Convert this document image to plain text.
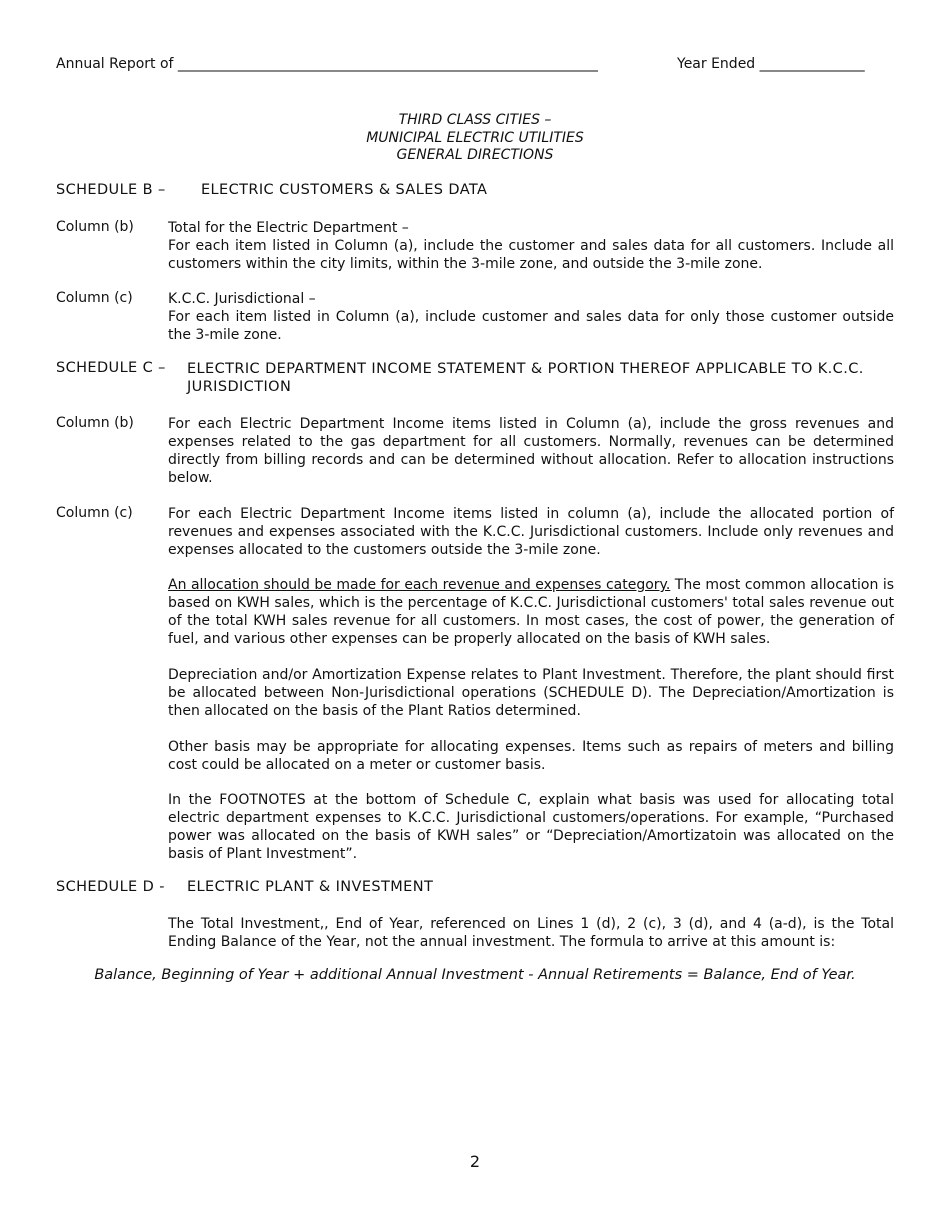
Annual Report of ____________________________________________________________	Year Ended _______________
THIRD CLASS CITIES –
MUNICIPAL ELECTRIC UTILITIES
GENERAL DIRECTIONS
SCHEDULE B – ELECTRIC CUSTOMERS & SALES DATA
Column (b) Total for the Electric Department –

For each item listed in Column (a), include the customer and sales data for all customers. Include all customers within the city limits, within the 3-mile zone, and outside the 3-mile zone.

Column (c)	K.C.C. Jurisdictional –

For each item listed in Column (a), include customer and sales data for only those customer outside the 3-mile zone.

SCHEDULE C – ELECTRIC DEPARTMENT INCOME STATEMENT & PORTION THEREOF APPLICABLE TO K.C.C.
JURISDICTION
Column (b) For each Electric Department Income items listed in Column (a), include the gross revenues and expenses related to the gas department for all customers. Normally, revenues can be determined directly from billing records and can be determined without allocation. Refer to allocation instructions below.
Column (c)	For each Electric Department Income items listed in column (a), include the allocated portion of revenues and expenses associated with the K.C.C. Jurisdictional customers. Include only revenues and expenses allocated to the customers outside the 3-mile zone.
An allocation should be made for each revenue and expenses category. The most common allocation is based on KWH sales, which is the percentage of K.C.C. Jurisdictional customers' total sales revenue out of the total KWH sales revenue for all customers. In most cases, the cost of power, the generation of fuel, and various other expenses can be properly allocated on the basis of KWH sales.
Depreciation and/or Amortization Expense relates to Plant Investment. Therefore, the plant should first be allocated between Non-Jurisdictional operations (SCHEDULE D). The Depreciation/Amortization is then allocated on the basis of the Plant Ratios determined.
Other basis may be appropriate for allocating expenses. Items such as repairs of meters and billing cost could be allocated on a meter or customer basis.
In the FOOTNOTES at the bottom of Schedule C, explain what basis was used for allocating total electric department expenses to K.C.C. Jurisdictional customers/operations. For example, “Purchased power was allocated on the basis of KWH sales” or “Depreciation/Amortizatoin was allocated on the basis of Plant Investment”.
SCHEDULE D - ELECTRIC PLANT & INVESTMENT
The Total Investment,, End of Year, referenced on Lines 1 (d), 2 (c), 3 (d), and 4 (a-d), is the Total Ending Balance of the Year, not the annual investment. The formula to arrive at this amount is:
Balance, Beginning of Year + additional Annual Investment - Annual Retirements = Balance, End of Year.
2
